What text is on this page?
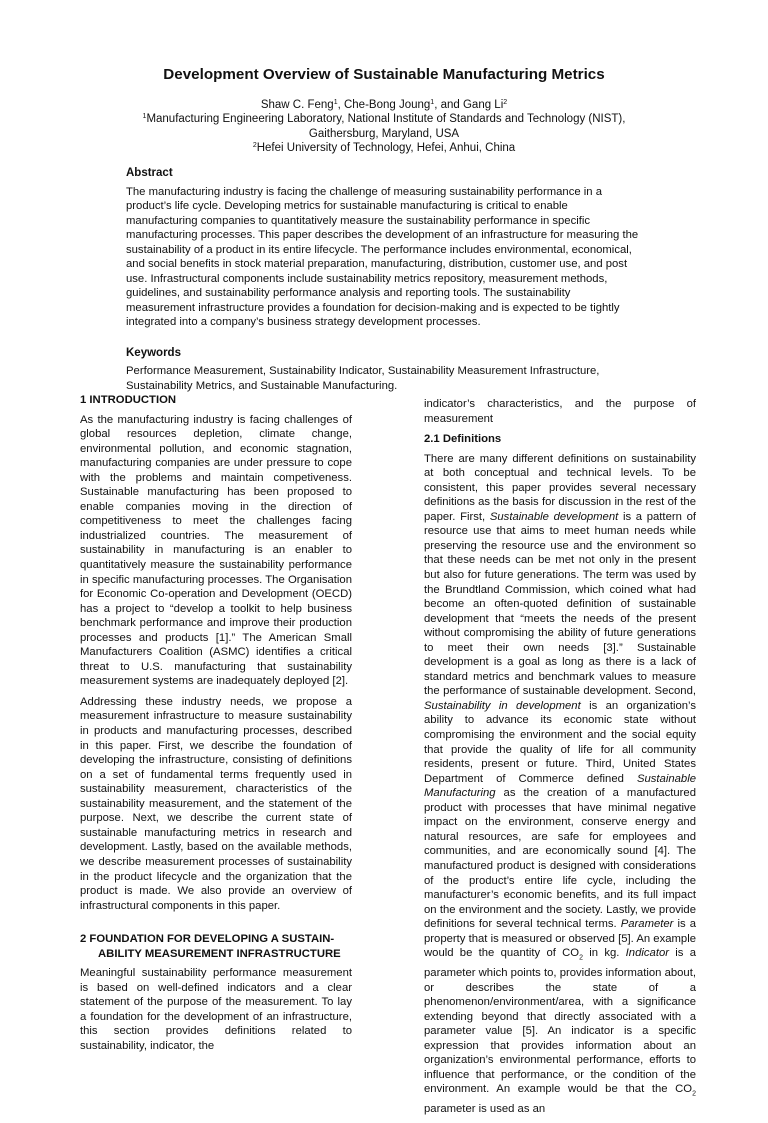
Development Overview of Sustainable Manufacturing Metrics
Shaw C. Feng$^1$, Che-Bong Joung$^1$, and Gang Li$^2$
$^1$Manufacturing Engineering Laboratory, National Institute of Standards and Technology (NIST),
Gaithersburg, Maryland, USA
$^2$Hefei University of Technology, Hefei, Anhui, China
Abstract

The manufacturing industry is facing the challenge of measuring sustainability performance in a product’s life cycle. Developing metrics for sustainable manufacturing is critical to enable manufacturing companies to quantitatively measure the sustainability performance in specific manufacturing processes. This paper describes the development of an infrastructure for measuring the sustainability of a product in its entire lifecycle. The performance includes environmental, economical, and social benefits in stock material preparation, manufacturing, distribution, customer use, and post use. Infrastructural components include sustainability metrics repository, measurement methods, guidelines, and sustainability performance analysis and reporting tools. The sustainability measurement infrastructure provides a foundation for decision-making and is expected to be tightly integrated into a company’s business strategy development processes.

Keywords

Performance Measurement, Sustainability Indicator, Sustainability Measurement Infrastructure, Sustainability Metrics, and Sustainable Manufacturing.

1 INTRODUCTION

As the manufacturing industry is facing challenges of global resources depletion, climate change, environmental pollution, and economic stagnation, manufacturing companies are under pressure to cope with the problems and maintain competiveness. Sustainable manufacturing has been proposed to enable companies moving in the direction of competitiveness to meet the challenges facing industrialized countries. The measurement of sustainability in manufacturing is an enabler to quantitatively measure the sustainability performance in specific manufacturing processes. The Organisation for Economic Co-operation and Development (OECD) has a project to “develop a toolkit to help business benchmark performance and improve their production processes and products [1].” The American Small Manufacturers Coalition (ASMC) identifies a critical threat to U.S. manufacturing that sustainability measurement systems are inadequately deployed [2].

Addressing these industry needs, we propose a measurement infrastructure to measure sustainability in products and manufacturing processes, described in this paper. First, we describe the foundation of developing the infrastructure, consisting of definitions on a set of fundamental terms frequently used in sustainability measurement, characteristics of the sustainability measurement, and the statement of the purpose. Next, we describe the current state of sustainable manufacturing metrics in research and development. Lastly, based on the available methods, we describe measurement processes of sustainability in the product lifecycle and the organization that the product is made. We also provide an overview of infrastructural components in this paper.

2 FOUNDATION FOR DEVELOPING A SUSTAIN-ABILITY MEASUREMENT INFRASTRUCTURE

Meaningful sustainability performance measurement is based on well-defined indicators and a clear statement of the purpose of the measurement. To lay a foundation for the development of an infrastructure, this section provides definitions related to sustainability, indicator, the

indicator’s characteristics, and the purpose of measurement

2.1 Definitions

There are many different definitions on sustainability at both conceptual and technical levels. To be consistent, this paper provides several necessary definitions as the basis for discussion in the rest of the paper. First, Sustainable development is a pattern of resource use that aims to meet human needs while preserving the resource use and the environment so that these needs can be met not only in the present but also for future generations. The term was used by the Brundtland Commission, which coined what had become an often-quoted definition of sustainable development that “meets the needs of the present without compromising the ability of future generations to meet their own needs [3].” Sustainable development is a goal as long as there is a lack of standard metrics and benchmark values to measure the performance of sustainable development. Second, Sustainability in development is an organization’s ability to advance its economic state without compromising the environment and the social equity that provide the quality of life for all community residents, present or future. Third, United States Department of Commerce defined Sustainable Manufacturing as the creation of a manufactured product with processes that have minimal negative impact on the environment, conserve energy and natural resources, are safe for employees and communities, and are economically sound [4]. The manufactured product is designed with considerations of the product’s entire life cycle, including the manufacturer’s economic benefits, and its full impact on the environment and the society. Lastly, we provide definitions for several technical terms. Parameter is a property that is measured or observed [5]. An example would be the quantity of $CO_2$ in kg. Indicator is a parameter which points to, provides information about, or describes the state of a phenomenon/environment/area, with a significance extending beyond that directly associated with a parameter value [5]. An indicator is a specific expression that provides information about an organization’s environmental performance, efforts to influence that performance, or the condition of the environment. An example would be that the $CO_2$ parameter is used as an
